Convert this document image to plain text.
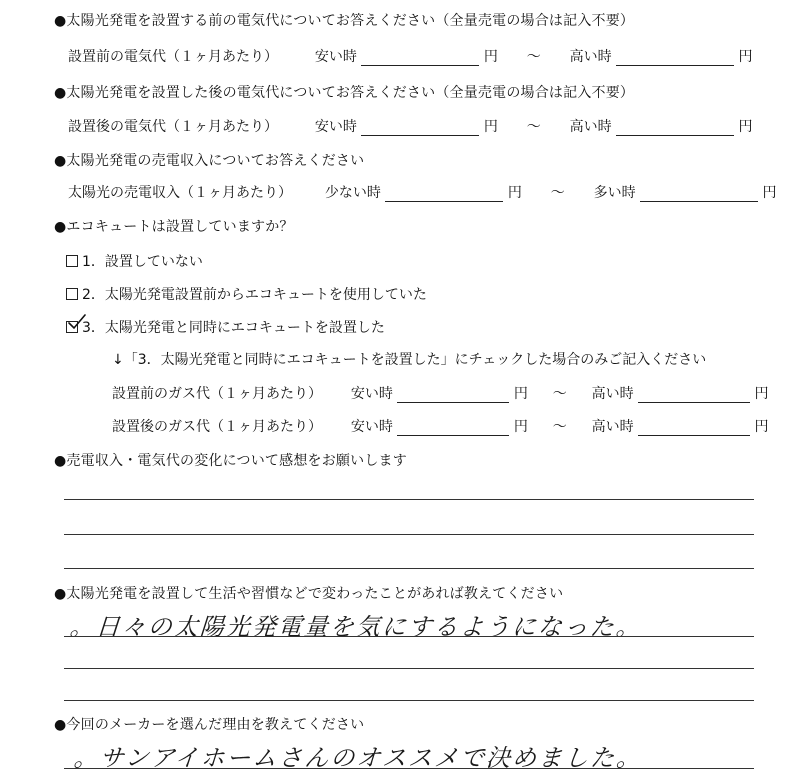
●太陽光発電を設置する前の電気代についてお答えください（全量売電の場合は記入不要）
設置前の電気代（１ヶ月あたり）	安い時	円 ～ 高い時	円
●太陽光発電を設置した後の電気代についてお答えください（全量売電の場合は記入不要）
設置後の電気代（１ヶ月あたり）	安い時	円 ～ 高い時	円
●太陽光発電の売電収入についてお答えください
太陽光の売電収入（１ヶ月あたり） 少ない時	円 ～ 多い時	円
●エコキュートは設置していますか？
1．設置していない
2．太陽光発電設置前からエコキュートを使用していた
3．太陽光発電と同時にエコキュートを設置した
↓「3．太陽光発電と同時にエコキュートを設置した」にチェックした場合のみご記入ください
設置前のガス代（１ヶ月あたり） 安い時	円 ～ 高い時	円
設置後のガス代（１ヶ月あたり） 安い時	円 ～ 高い時	円
●売電収入・電気代の変化について感想をお願いします
●太陽光発電を設置して生活や習慣などで変わったことがあれば教えてください
。日々の太陽光発電量を気にするようになった。
●今回のメーカーを選んだ理由を教えてください
。サンアイホームさんのオススメで決めました。
